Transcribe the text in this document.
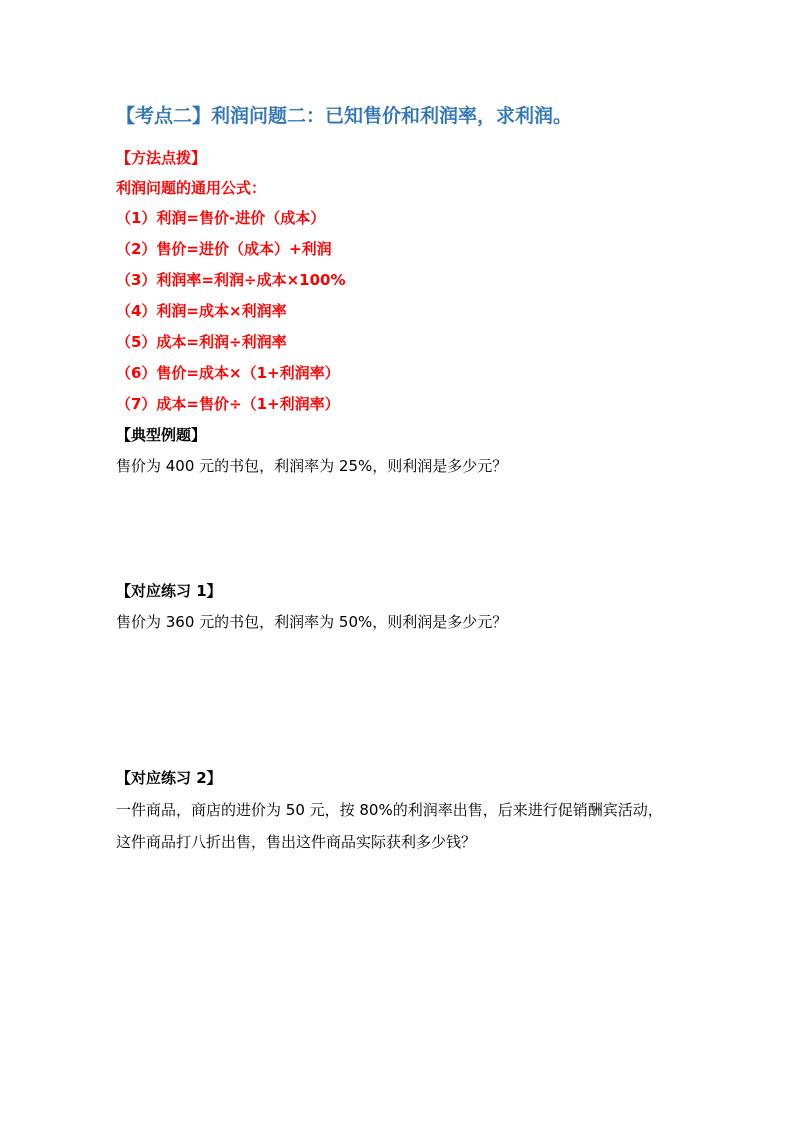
【考点二】利润问题二：已知售价和利润率，求利润。

【方法点拨】

利润问题的通用公式：

（1）利润=售价-进价（成本）

（2）售价=进价（成本）+利润

（3）利润率=利润÷成本×100%

（4）利润=成本×利润率

（5）成本=利润÷利润率

（6）售价=成本×（1+利润率）

（7）成本=售价÷（1+利润率）

【典型例题】

售价为 400 元的书包，利润率为 25%，则利润是多少元？

【对应练习 1】

售价为 360 元的书包，利润率为 50%，则利润是多少元？

【对应练习 2】

一件商品，商店的进价为 50 元，按 80%的利润率出售，后来进行促销酬宾活动，

这件商品打八折出售，售出这件商品实际获利多少钱？
